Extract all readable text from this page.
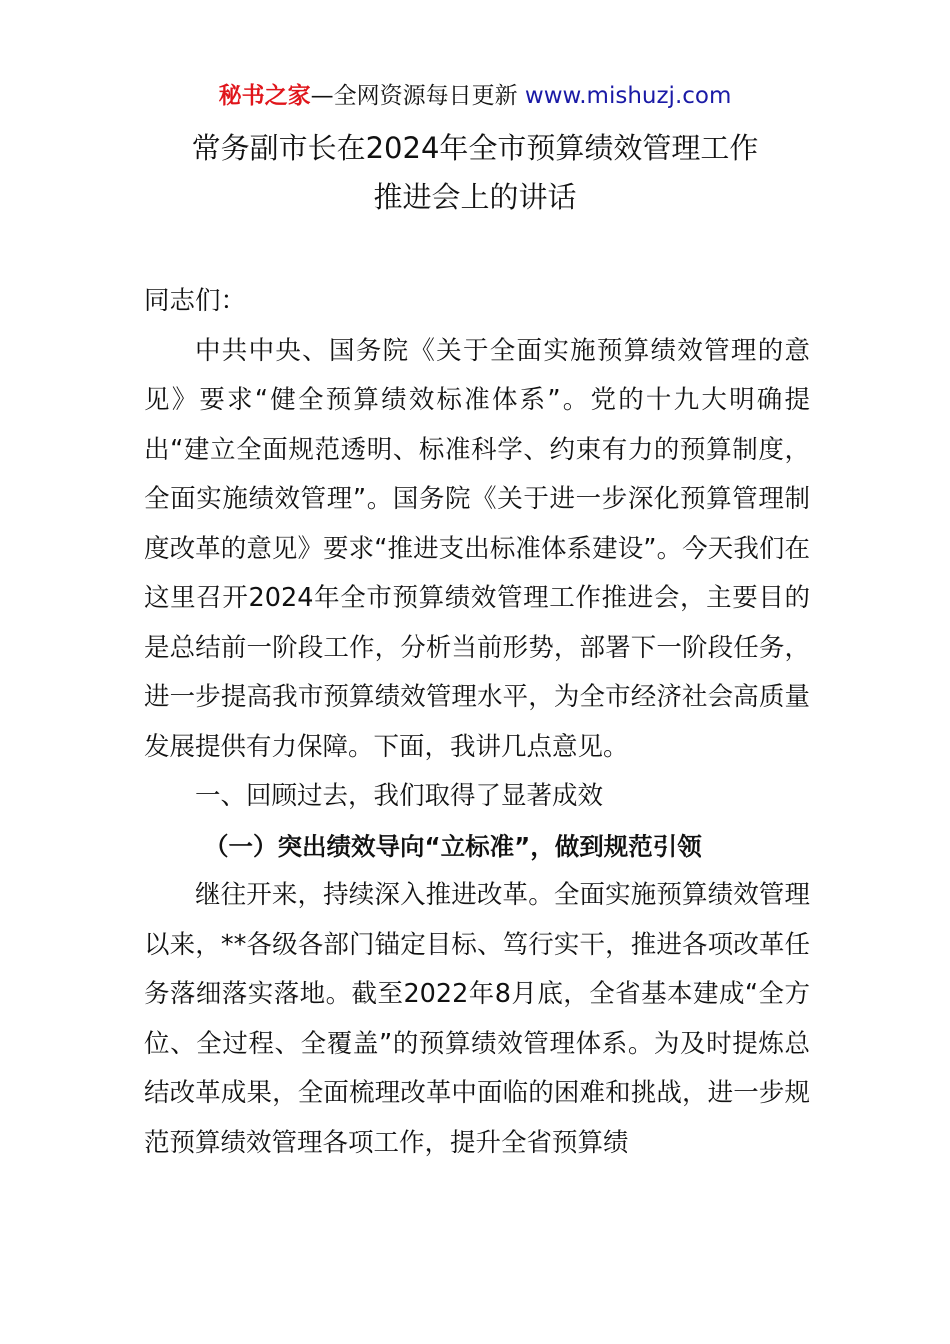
秘书之家—全网资源每日更新 www.mishuzj.com
常务副市长在2024年全市预算绩效管理工作
推进会上的讲话

同志们：

中共中央、国务院《关于全面实施预算绩效管理的意见》要求“健全预算绩效标准体系”。党的十九大明确提出“建立全面规范透明、标准科学、约束有力的预算制度，全面实施绩效管理”。国务院《关于进一步深化预算管理制度改革的意见》要求“推进支出标准体系建设”。今天我们在这里召开2024年全市预算绩效管理工作推进会，主要目的是总结前一阶段工作，分析当前形势，部署下一阶段任务，进一步提高我市预算绩效管理水平，为全市经济社会高质量发展提供有力保障。下面，我讲几点意见。

一、回顾过去，我们取得了显著成效

（一）突出绩效导向“立标准”，做到规范引领

继往开来，持续深入推进改革。全面实施预算绩效管理以来，**各级各部门锚定目标、笃行实干，推进各项改革任务落细落实落地。截至2022年8月底，全省基本建成“全方位、全过程、全覆盖”的预算绩效管理体系。为及时提炼总结改革成果，全面梳理改革中面临的困难和挑战，进一步规范预算绩效管理各项工作，提升全省预算绩
